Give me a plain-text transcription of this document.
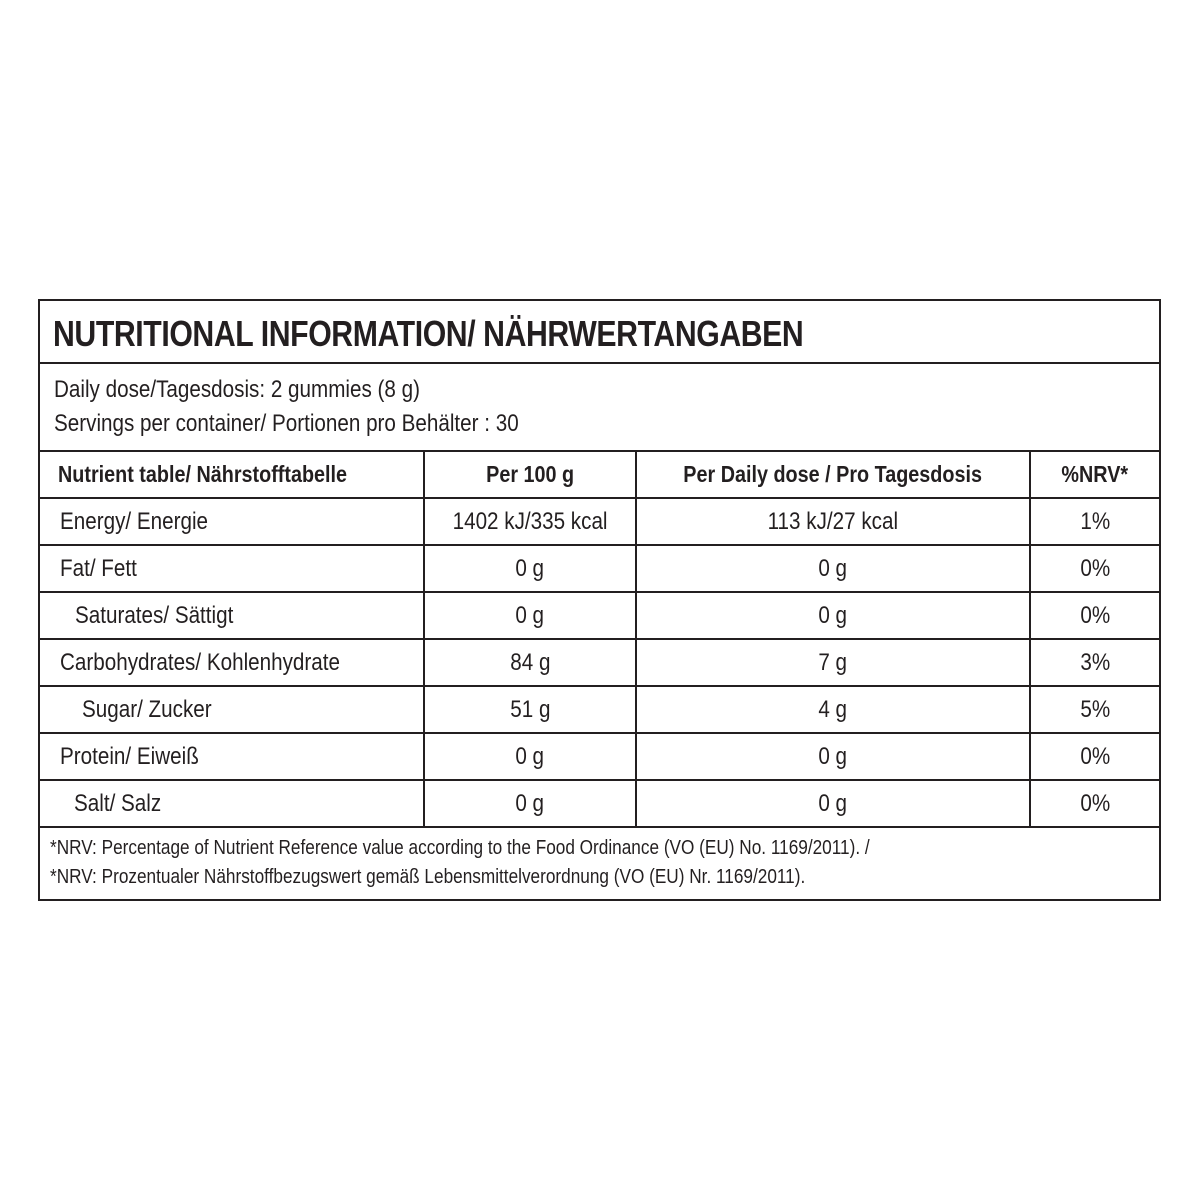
NUTRITIONAL INFORMATION/ NÄHRWERTANGABEN
Daily dose/Tagesdosis: 2 gummies (8 g)
Servings per container/ Portionen pro Behälter : 30
Nutrient table/ Nährstofftabelle	Per 100 g	Per Daily dose / Pro Tagesdosis	%NRV*
Energy/ Energie	1402 kJ/335 kcal	113 kJ/27 kcal	1%
Fat/ Fett	0 g	0 g	0%
Saturates/ Sättigt	0 g	0 g	0%
Carbohydrates/ Kohlenhydrate	84 g	7 g	3%
Sugar/ Zucker	51 g	4 g	5%
Protein/ Eiweiß	0 g	0 g	0%
Salt/ Salz	0 g	0 g	0%
*NRV: Percentage of Nutrient Reference value according to the Food Ordinance (VO (EU) No. 1169/2011). /
*NRV: Prozentualer Nährstoffbezugswert gemäß Lebensmittelverordnung (VO (EU) Nr. 1169/2011).
